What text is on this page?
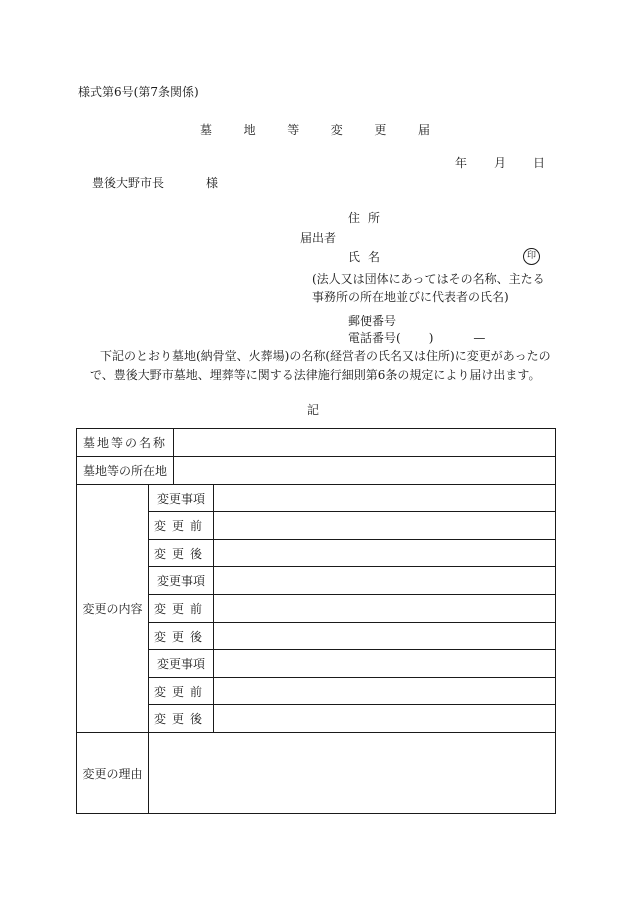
様式第6号(第7条関係)
墓	地	等	変	更	届
年 月 日
豊後大野市長	様
住所
届出者
氏名	印
(法人又は団体にあってはその名称、主たる
事務所の所在地並びに代表者の氏名)
郵便番号
電話番号( )	—
下記のとおり墓地(納骨堂、火葬場)の名称(経営者の氏名又は住所)に変更があったの
で、豊後大野市墓地、埋葬等に関する法律施行細則第6条の規定により届け出ます。
記
墓地等の名称
墓地等の所在地
変更の内容
変更事項
変更前
変更後
変更事項
変更前
変更後
変更事項
変更前
変更後
変更の理由
